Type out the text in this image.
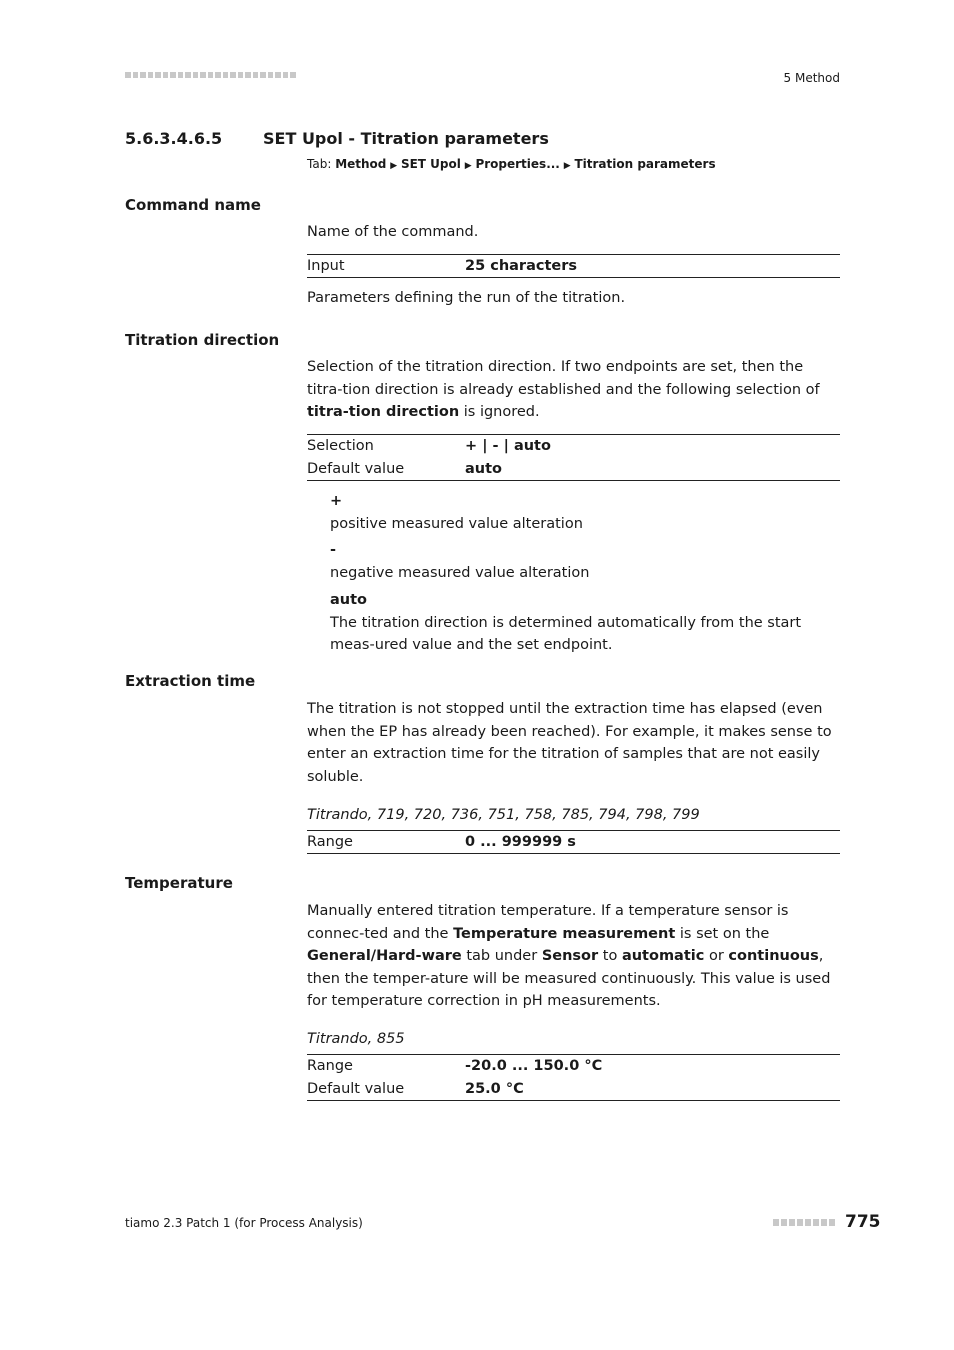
5 Method
5.6.3.4.6.5	SET Upol - Titration parameters
Tab: Method ▶ SET Upol ▶ Properties... ▶ Titration parameters
Command name
Name of the command.
Input	25 characters
Parameters defining the run of the titration.
Titration direction
Selection of the titration direction. If two endpoints are set, then the titra-tion direction is already established and the following selection of titra-tion direction is ignored.
Selection	+ | - | auto
Default value	auto
+
positive measured value alteration
-
negative measured value alteration
auto
The titration direction is determined automatically from the start meas-ured value and the set endpoint.
Extraction time
The titration is not stopped until the extraction time has elapsed (even when the EP has already been reached). For example, it makes sense to enter an extraction time for the titration of samples that are not easily soluble.
Titrando, 719, 720, 736, 751, 758, 785, 794, 798, 799
Range	0 ... 999999 s
Temperature
Manually entered titration temperature. If a temperature sensor is connec-ted and the Temperature measurement is set on the General/Hard-ware tab under Sensor to automatic or continuous, then the temper-ature will be measured continuously. This value is used for temperature correction in pH measurements.
Titrando, 855
Range	-20.0 ... 150.0 °C
Default value	25.0 °C
tiamo 2.3 Patch 1 (for Process Analysis)	775
